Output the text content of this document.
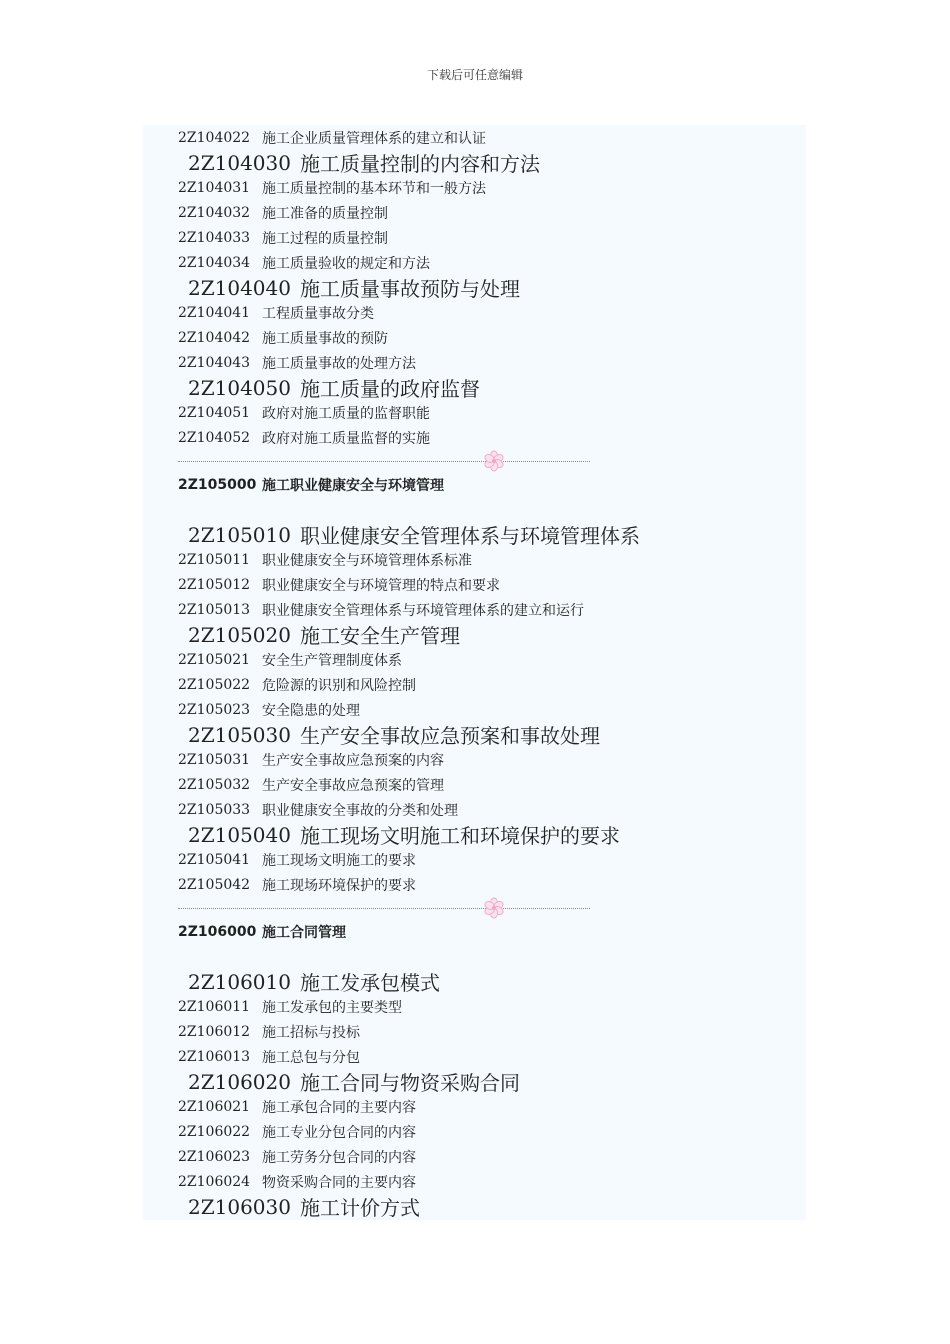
下载后可任意编辑
2Z104022 施工企业质量管理体系的建立和认证
2Z104030 施工质量控制的内容和方法
2Z104031 施工质量控制的基本环节和一般方法
2Z104032 施工准备的质量控制
2Z104033 施工过程的质量控制
2Z104034 施工质量验收的规定和方法
2Z104040 施工质量事故预防与处理
2Z104041 工程质量事故分类
2Z104042 施工质量事故的预防
2Z104043 施工质量事故的处理方法
2Z104050 施工质量的政府监督
2Z104051 政府对施工质量的监督职能
2Z104052 政府对施工质量监督的实施
2Z105000 施工职业健康安全与环境管理
2Z105010 职业健康安全管理体系与环境管理体系
2Z105011 职业健康安全与环境管理体系标准
2Z105012 职业健康安全与环境管理的特点和要求
2Z105013 职业健康安全管理体系与环境管理体系的建立和运行
2Z105020 施工安全生产管理
2Z105021 安全生产管理制度体系
2Z105022 危险源的识别和风险控制
2Z105023 安全隐患的处理
2Z105030 生产安全事故应急预案和事故处理
2Z105031 生产安全事故应急预案的内容
2Z105032 生产安全事故应急预案的管理
2Z105033 职业健康安全事故的分类和处理
2Z105040 施工现场文明施工和环境保护的要求
2Z105041 施工现场文明施工的要求
2Z105042 施工现场环境保护的要求
2Z106000 施工合同管理
2Z106010 施工发承包模式
2Z106011 施工发承包的主要类型
2Z106012 施工招标与投标
2Z106013 施工总包与分包
2Z106020 施工合同与物资采购合同
2Z106021 施工承包合同的主要内容
2Z106022 施工专业分包合同的内容
2Z106023 施工劳务分包合同的内容
2Z106024 物资采购合同的主要内容
2Z106030 施工计价方式
